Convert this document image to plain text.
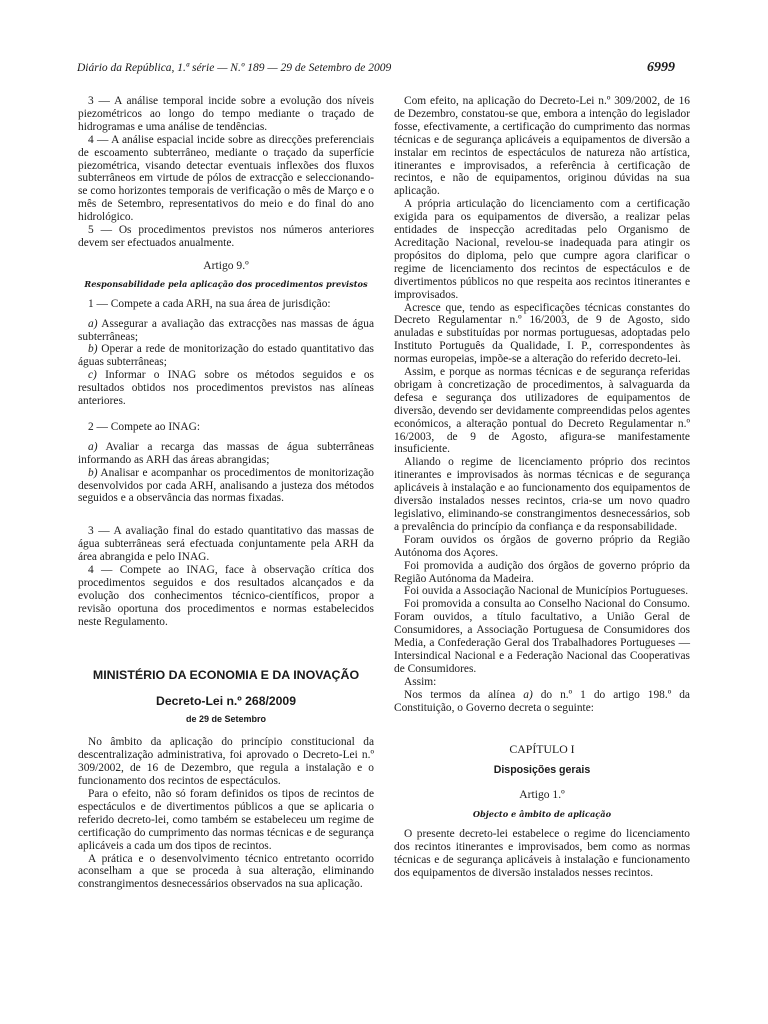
Diário da República, 1.ª série — N.º 189 — 29 de Setembro de 2009	6999

3 — A análise temporal incide sobre a evolução dos níveis piezométricos ao longo do tempo mediante o traçado de hidrogramas e uma análise de tendências.

4 — A análise espacial incide sobre as direcções preferenciais de escoamento subterrâneo, mediante o traçado da superfície piezométrica, visando detectar eventuais inflexões dos fluxos subterrâneos em virtude de pólos de extracção e seleccionando-se como horizontes temporais de verificação o mês de Março e o mês de Setembro, representativos do meio e do final do ano hidrológico.

5 — Os procedimentos previstos nos números anteriores devem ser efectuados anualmente.

Artigo 9.º
Responsabilidade pela aplicação dos procedimentos previstos

1 — Compete a cada ARH, na sua área de jurisdição:

a) Assegurar a avaliação das extracções nas massas de água subterrâneas;

b) Operar a rede de monitorização do estado quantitativo das águas subterrâneas;

c) Informar o INAG sobre os métodos seguidos e os resultados obtidos nos procedimentos previstos nas alíneas anteriores.

2 — Compete ao INAG:

a) Avaliar a recarga das massas de água subterrâneas informando as ARH das áreas abrangidas;

b) Analisar e acompanhar os procedimentos de monitorização desenvolvidos por cada ARH, analisando a justeza dos métodos seguidos e a observância das normas fixadas.

3 — A avaliação final do estado quantitativo das massas de água subterrâneas será efectuada conjuntamente pela ARH da área abrangida e pelo INAG.

4 — Compete ao INAG, face à observação crítica dos procedimentos seguidos e dos resultados alcançados e da evolução dos conhecimentos técnico-científicos, propor a revisão oportuna dos procedimentos e normas estabelecidos neste Regulamento.

MINISTÉRIO DA ECONOMIA E DA INOVAÇÃO
Decreto-Lei n.º 268/2009
de 29 de Setembro

No âmbito da aplicação do princípio constitucional da descentralização administrativa, foi aprovado o Decreto-Lei n.º 309/2002, de 16 de Dezembro, que regula a instalação e o funcionamento dos recintos de espectáculos.

Para o efeito, não só foram definidos os tipos de recintos de espectáculos e de divertimentos públicos a que se aplicaria o referido decreto-lei, como também se estabeleceu um regime de certificação do cumprimento das normas técnicas e de segurança aplicáveis a cada um dos tipos de recintos.

A prática e o desenvolvimento técnico entretanto ocorrido aconselham a que se proceda à sua alteração, eliminando constrangimentos desnecessários observados na sua aplicação.

Com efeito, na aplicação do Decreto-Lei n.º 309/2002, de 16 de Dezembro, constatou-se que, embora a intenção do legislador fosse, efectivamente, a certificação do cumprimento das normas técnicas e de segurança aplicáveis a equipamentos de diversão a instalar em recintos de espectáculos de natureza não artística, itinerantes e improvisados, a referência à certificação de recintos, e não de equipamentos, originou dúvidas na sua aplicação.

A própria articulação do licenciamento com a certificação exigida para os equipamentos de diversão, a realizar pelas entidades de inspecção acreditadas pelo Organismo de Acreditação Nacional, revelou-se inadequada para atingir os propósitos do diploma, pelo que cumpre agora clarificar o regime de licenciamento dos recintos de espectáculos e de divertimentos públicos no que respeita aos recintos itinerantes e improvisados.

Acresce que, tendo as especificações técnicas constantes do Decreto Regulamentar n.º 16/2003, de 9 de Agosto, sido anuladas e substituídas por normas portuguesas, adoptadas pelo Instituto Português da Qualidade, I. P., correspondentes às normas europeias, impõe-se a alteração do referido decreto-lei.

Assim, e porque as normas técnicas e de segurança referidas obrigam à concretização de procedimentos, à salvaguarda da defesa e segurança dos utilizadores de equipamentos de diversão, devendo ser devidamente compreendidas pelos agentes económicos, a alteração pontual do Decreto Regulamentar n.º 16/2003, de 9 de Agosto, afigura-se manifestamente insuficiente.

Aliando o regime de licenciamento próprio dos recintos itinerantes e improvisados às normas técnicas e de segurança aplicáveis à instalação e ao funcionamento dos equipamentos de diversão instalados nesses recintos, cria-se um novo quadro legislativo, eliminando-se constrangimentos desnecessários, sob a prevalência do princípio da confiança e da responsabilidade.

Foram ouvidos os órgãos de governo próprio da Região Autónoma dos Açores.

Foi promovida a audição dos órgãos de governo próprio da Região Autónoma da Madeira.

Foi ouvida a Associação Nacional de Municípios Portugueses.

Foi promovida a consulta ao Conselho Nacional do Consumo. Foram ouvidos, a título facultativo, a União Geral de Consumidores, a Associação Portuguesa de Consumidores dos Media, a Confederação Geral dos Trabalhadores Portugueses — Intersindical Nacional e a Federação Nacional das Cooperativas de Consumidores.

Assim:

Nos termos da alínea a) do n.º 1 do artigo 198.º da Constituição, o Governo decreta o seguinte:

CAPÍTULO I
Disposições gerais
Artigo 1.º
Objecto e âmbito de aplicação

O presente decreto-lei estabelece o regime do licenciamento dos recintos itinerantes e improvisados, bem como as normas técnicas e de segurança aplicáveis à instalação e funcionamento dos equipamentos de diversão instalados nesses recintos.
